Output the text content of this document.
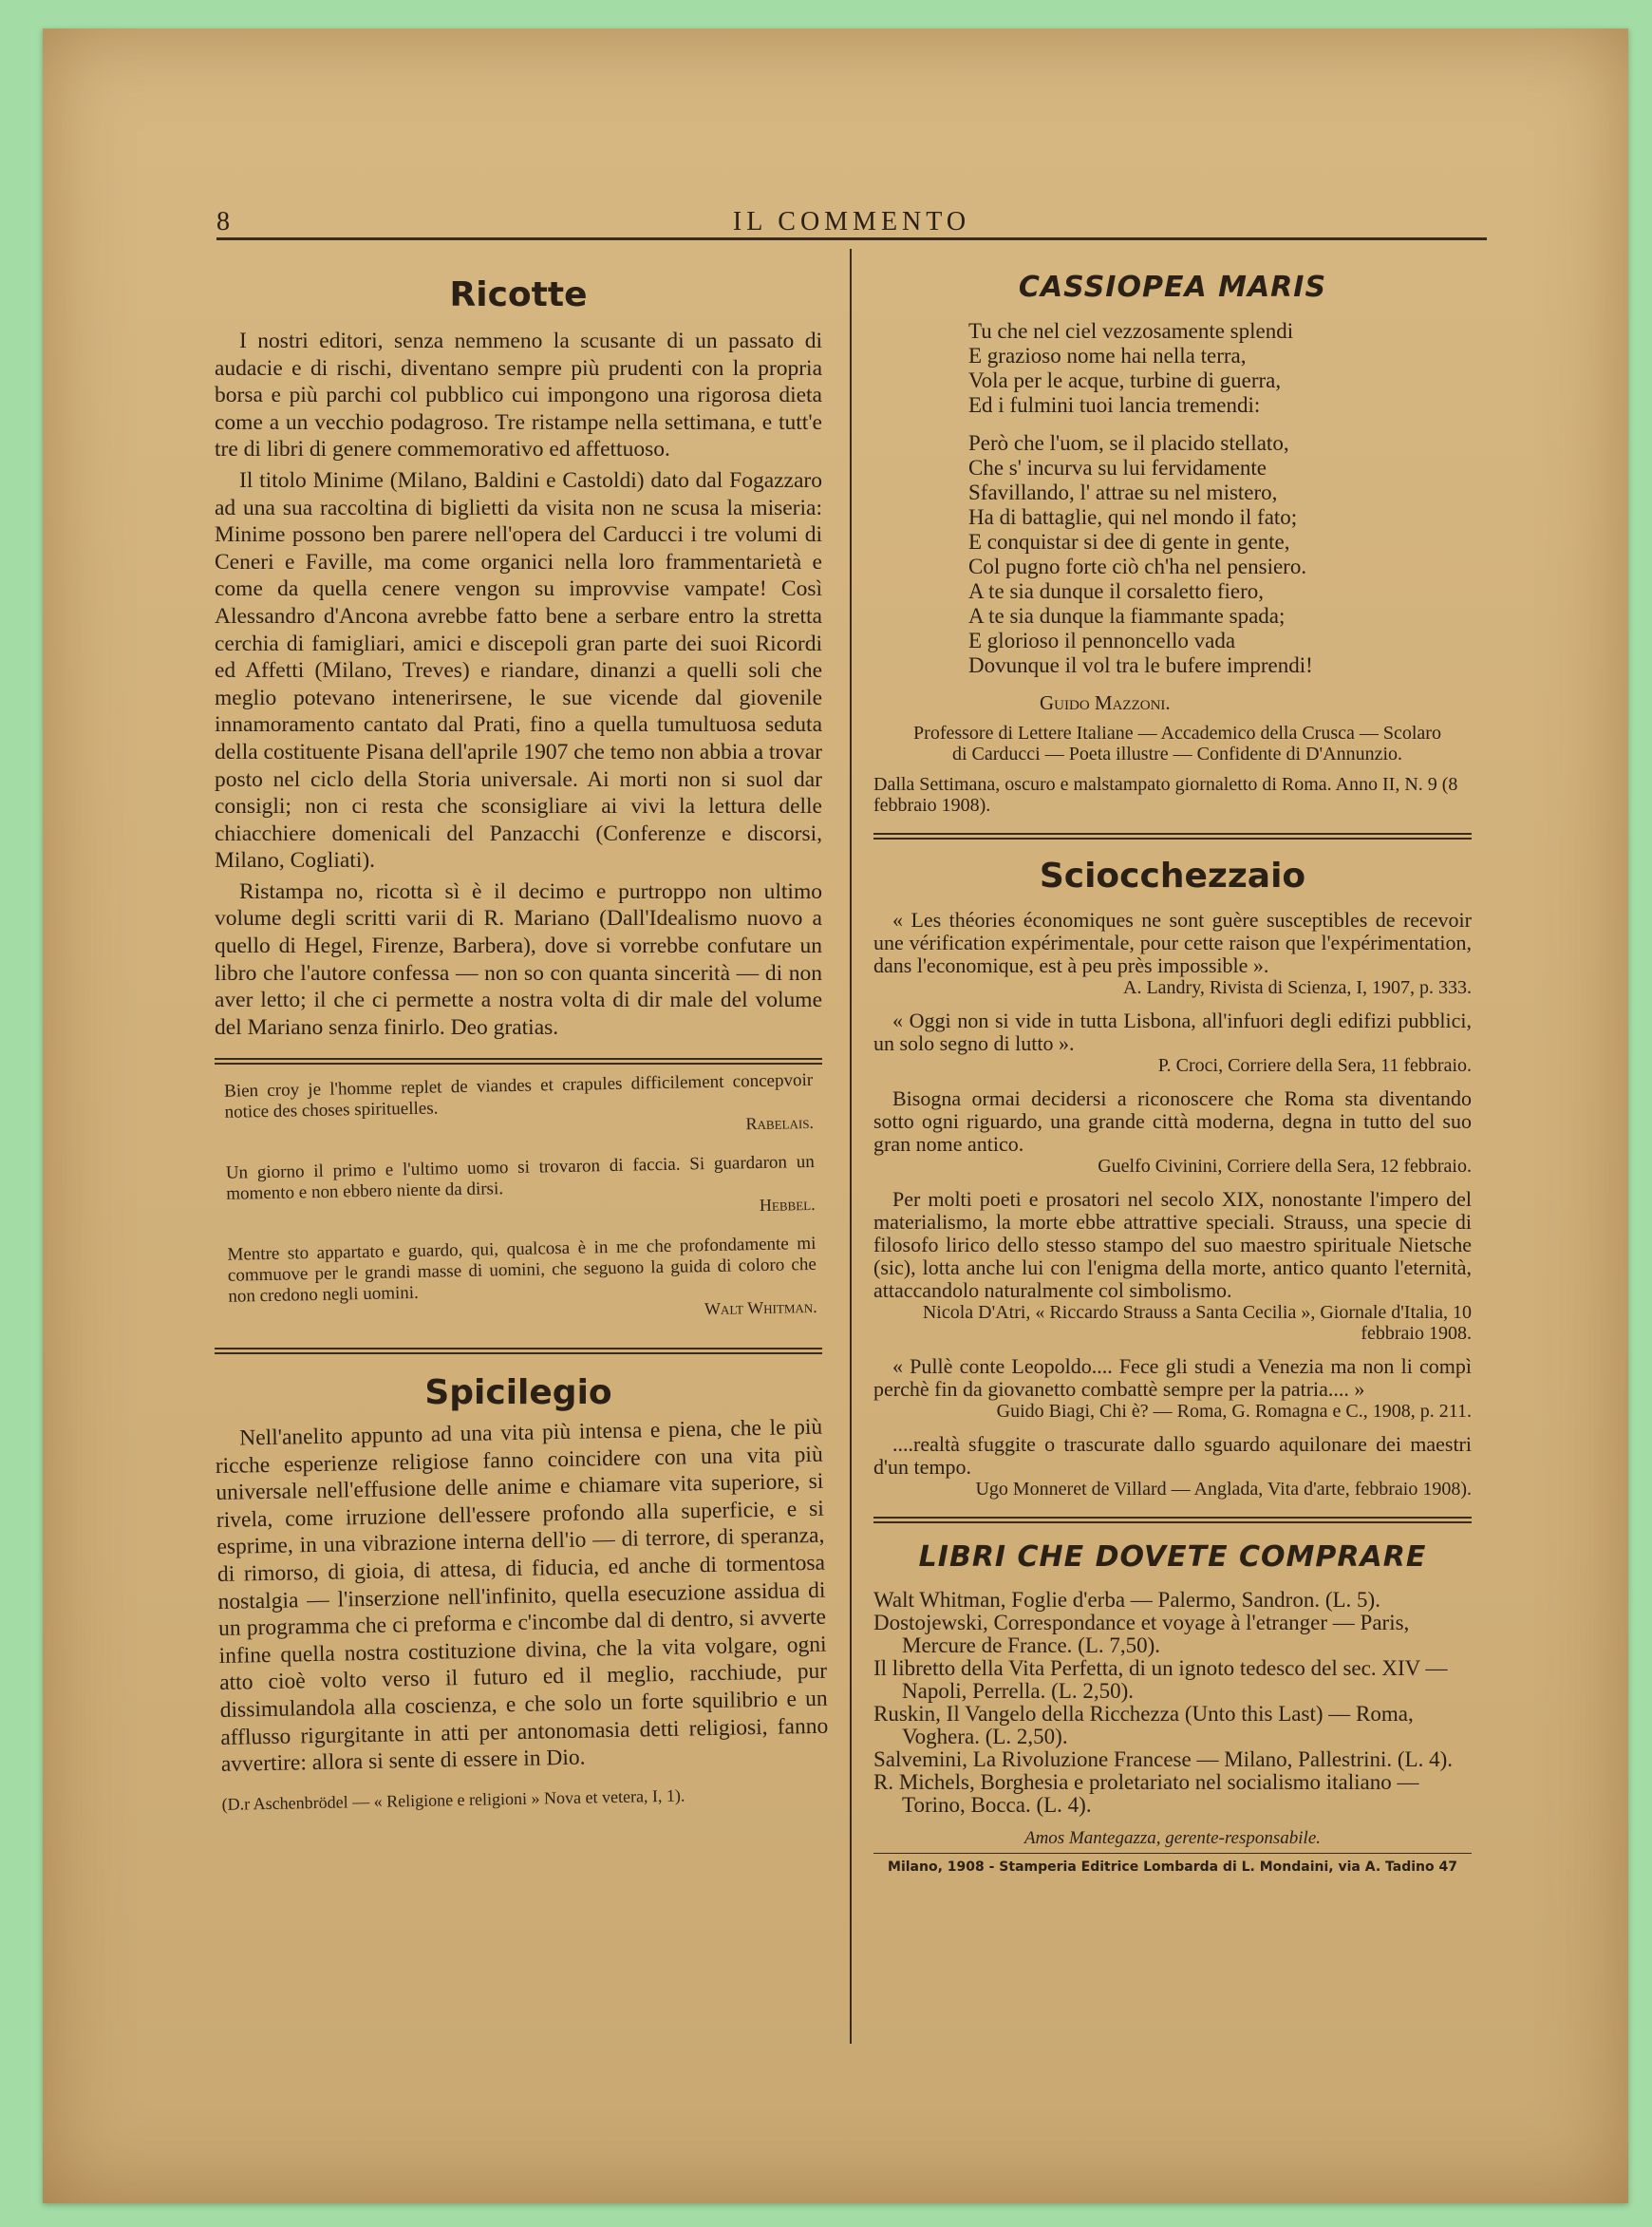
8	IL COMMENTO
Ricotte

I nostri editori, senza nemmeno la scusante di un passato di audacie e di rischi, diventano sempre più prudenti con la propria borsa e più parchi col pubblico cui impongono una rigorosa dieta come a un vecchio podagroso. Tre ristampe nella settimana, e tutt'e tre di libri di genere commemorativo ed affettuoso.

Il titolo Minime (Milano, Baldini e Castoldi) dato dal Fogazzaro ad una sua raccoltina di biglietti da visita non ne scusa la miseria: Minime possono ben parere nell'opera del Carducci i tre volumi di Ceneri e Faville, ma come organici nella loro frammentarietà e come da quella cenere vengon su improvvise vampate! Così Alessandro d'Ancona avrebbe fatto bene a serbare entro la stretta cerchia di famigliari, amici e discepoli gran parte dei suoi Ricordi ed Affetti (Milano, Treves) e riandare, dinanzi a quelli soli che meglio potevano intenerirsene, le sue vicende dal giovenile innamoramento cantato dal Prati, fino a quella tumultuosa seduta della costituente Pisana dell'aprile 1907 che temo non abbia a trovar posto nel ciclo della Storia universale. Ai morti non si suol dar consigli; non ci resta che sconsigliare ai vivi la lettura delle chiacchiere domenicali del Panzacchi (Conferenze e discorsi, Milano, Cogliati).

Ristampa no, ricotta sì è il decimo e purtroppo non ultimo volume degli scritti varii di R. Mariano (Dall'Idealismo nuovo a quello di Hegel, Firenze, Barbera), dove si vorrebbe confutare un libro che l'autore confessa — non so con quanta sincerità — di non aver letto; il che ci permette a nostra volta di dir male del volume del Mariano senza finirlo. Deo gratias.

Bien croy je l'homme replet de viandes et crapules difficilement concepvoir notice des choses spirituelles.
Rabelais.
Un giorno il primo e l'ultimo uomo si trovaron di faccia. Si guardaron un momento e non ebbero niente da dirsi.
Hebbel.
Mentre sto appartato e guardo, qui, qualcosa è in me che profondamente mi commuove per le grandi masse di uomini, che seguono la guida di coloro che non credono negli uomini.
Walt Whitman.
Spicilegio

Nell'anelito appunto ad una vita più intensa e piena, che le più ricche esperienze religiose fanno coincidere con una vita più universale nell'effusione delle anime e chiamare vita superiore, si rivela, come irruzione dell'essere profondo alla superficie, e si esprime, in una vibrazione interna dell'io — di terrore, di speranza, di rimorso, di gioia, di attesa, di fiducia, ed anche di tormentosa nostalgia — l'inserzione nell'infinito, quella esecuzione assidua di un programma che ci preforma e c'incombe dal di dentro, si avverte infine quella nostra costituzione divina, che la vita volgare, ogni atto cioè volto verso il futuro ed il meglio, racchiude, pur dissimulandola alla coscienza, e che solo un forte squilibrio e un afflusso rigurgitante in atti per antonomasia detti religiosi, fanno avvertire: allora si sente di essere in Dio.

(D.r Aschenbrödel — « Religione e religioni » Nova et vetera, I, 1).
CASSIOPEA MARIS
Tu che nel ciel vezzosamente splendi
E grazioso nome hai nella terra,
Vola per le acque, turbine di guerra,
Ed i fulmini tuoi lancia tremendi:
Però che l'uom, se il placido stellato,
Che s' incurva su lui fervidamente
Sfavillando, l' attrae su nel mistero,
Ha di battaglie, qui nel mondo il fato;
E conquistar si dee di gente in gente,
Col pugno forte ciò ch'ha nel pensiero.
A te sia dunque il corsaletto fiero,
A te sia dunque la fiammante spada;
E glorioso il pennoncello vada
Dovunque il vol tra le bufere imprendi!
Guido Mazzoni.
Professore di Lettere Italiane — Accademico della Crusca — Scolaro di Carducci — Poeta illustre — Confidente di D'Annunzio.
Dalla Settimana, oscuro e malstampato giornaletto di Roma. Anno II, N. 9 (8 febbraio 1908).
Sciocchezzaio
« Les théories économiques ne sont guère susceptibles de recevoir une vérification expérimentale, pour cette raison que l'expérimentation, dans l'economique, est à peu près impossible ».
A. Landry, Rivista di Scienza, I, 1907, p. 333.
« Oggi non si vide in tutta Lisbona, all'infuori degli edifizi pubblici, un solo segno di lutto ».
P. Croci, Corriere della Sera, 11 febbraio.
Bisogna ormai decidersi a riconoscere che Roma sta diventando sotto ogni riguardo, una grande città moderna, degna in tutto del suo gran nome antico.
Guelfo Civinini, Corriere della Sera, 12 febbraio.
Per molti poeti e prosatori nel secolo XIX, nonostante l'impero del materialismo, la morte ebbe attrattive speciali. Strauss, una specie di filosofo lirico dello stesso stampo del suo maestro spirituale Nietsche (sic), lotta anche lui con l'enigma della morte, antico quanto l'eternità, attaccandolo naturalmente col simbolismo.
Nicola D'Atri, « Riccardo Strauss a Santa Cecilia », Giornale d'Italia, 10 febbraio 1908.
« Pullè conte Leopoldo.... Fece gli studi a Venezia ma non li compì perchè fin da giovanetto combattè sempre per la patria.... »
Guido Biagi, Chi è? — Roma, G. Romagna e C., 1908, p. 211.
....realtà sfuggite o trascurate dallo sguardo aquilonare dei maestri d'un tempo.
Ugo Monneret de Villard — Anglada, Vita d'arte, febbraio 1908).
LIBRI CHE DOVETE COMPRARE
Walt Whitman, Foglie d'erba — Palermo, Sandron. (L. 5).
Dostojewski, Correspondance et voyage à l'etranger — Paris, Mercure de France. (L. 7,50).
Il libretto della Vita Perfetta, di un ignoto tedesco del sec. XIV — Napoli, Perrella. (L. 2,50).
Ruskin, Il Vangelo della Ricchezza (Unto this Last) — Roma, Voghera. (L. 2,50).
Salvemini, La Rivoluzione Francese — Milano, Pallestrini. (L. 4).
R. Michels, Borghesia e proletariato nel socialismo italiano — Torino, Bocca. (L. 4).
Amos Mantegazza, gerente-responsabile.
Milano, 1908 - Stamperia Editrice Lombarda di L. Mondaini, via A. Tadino 47
